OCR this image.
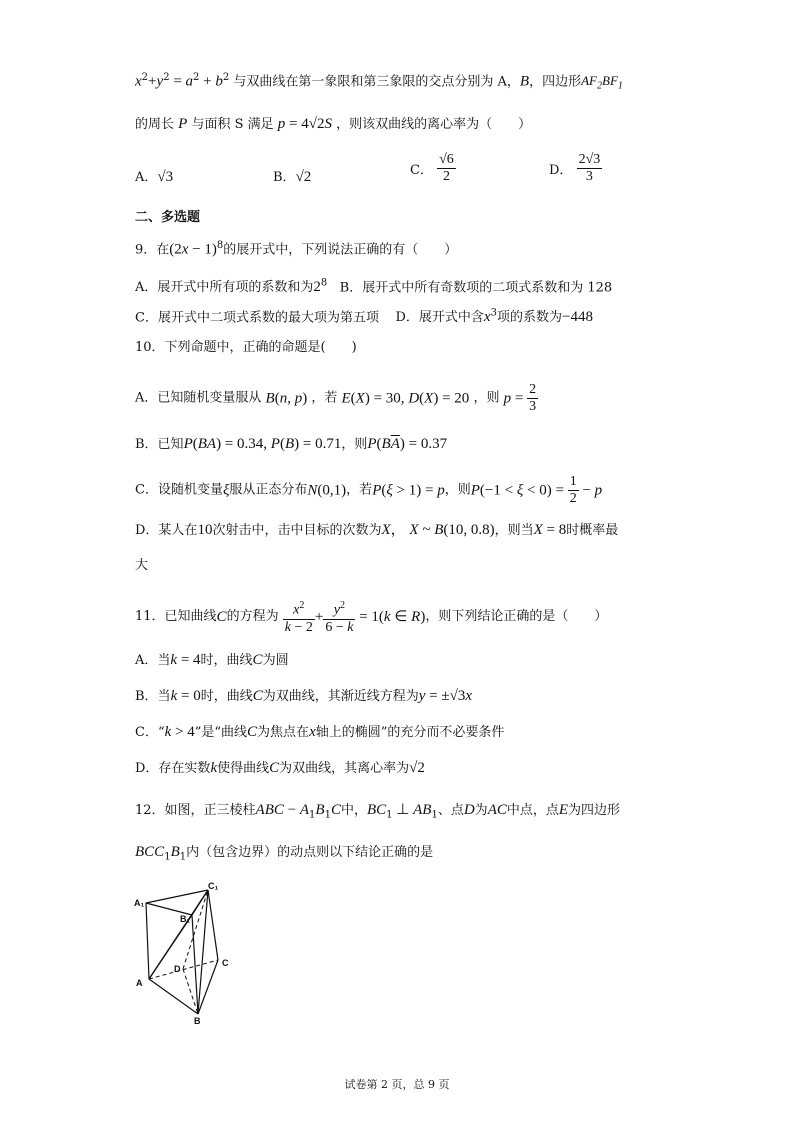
$x^2+y^2 = a^2 + b^2$ 与双曲线在第一象限和第三象限的交点分别为 A，B，四边形$AF_2BF_1$
的周长 P 与面积 S 满足 p = 4√2S ，则该双曲线的离心率为（　　）
A．√3	B．√2	C． $\frac{√6}{2}$	D． $\frac{2√3}{3}$
二、多选题
9．在$(2x - 1)^8$的展开式中，下列说法正确的有（　　）
A．展开式中所有项的系数和为$2^8$ B．展开式中所有奇数项的二项式系数和为 128
C．展开式中二项式系数的最大项为第五项 D．展开式中含$x^3$项的系数为−448
10．下列命题中，正确的命题是(　　)
A．已知随机变量服从 B(n, p) ，若 E(X) = 30, D(X) = 20 ，则 $p = \frac{2}{3}$
B．已知P(BA) = 0.34, P(B) = 0.71，则$P(B\overline{A}) = 0.37$
C．设随机变量ξ服从正态分布N(0,1)，若P(ξ > 1) = p，则$P(-1 < \xi < 0) = \frac{1}{2} - p$
D．某人在10次射击中，击中目标的次数为X， X ~ B(10, 0.8)，则当X = 8时概率最
大
11．已知曲线C的方程为 $\frac{x^2}{k - 2} + \frac{y^2}{6 - k} = 1(k$ ∈ R)，则下列结论正确的是（　　）
A．当k = 4时，曲线C为圆
B．当k = 0时，曲线C为双曲线，其渐近线方程为y = ±√3x
C．“k > 4”是“曲线C为焦点在x轴上的椭圆”的充分而不必要条件
D．存在实数k使得曲线C为双曲线，其离心率为√2
12．如图，正三棱柱ABC − $A_1B_1C$中，$BC_1$ ⊥ $AB_1$、点D为AC中点，点E为四边形
$BCC_1B_1$内（包含边界）的动点则以下结论正确的是
A₁
C₁
B₁
D
C
A
B
试卷第 2 页，总 9 页
